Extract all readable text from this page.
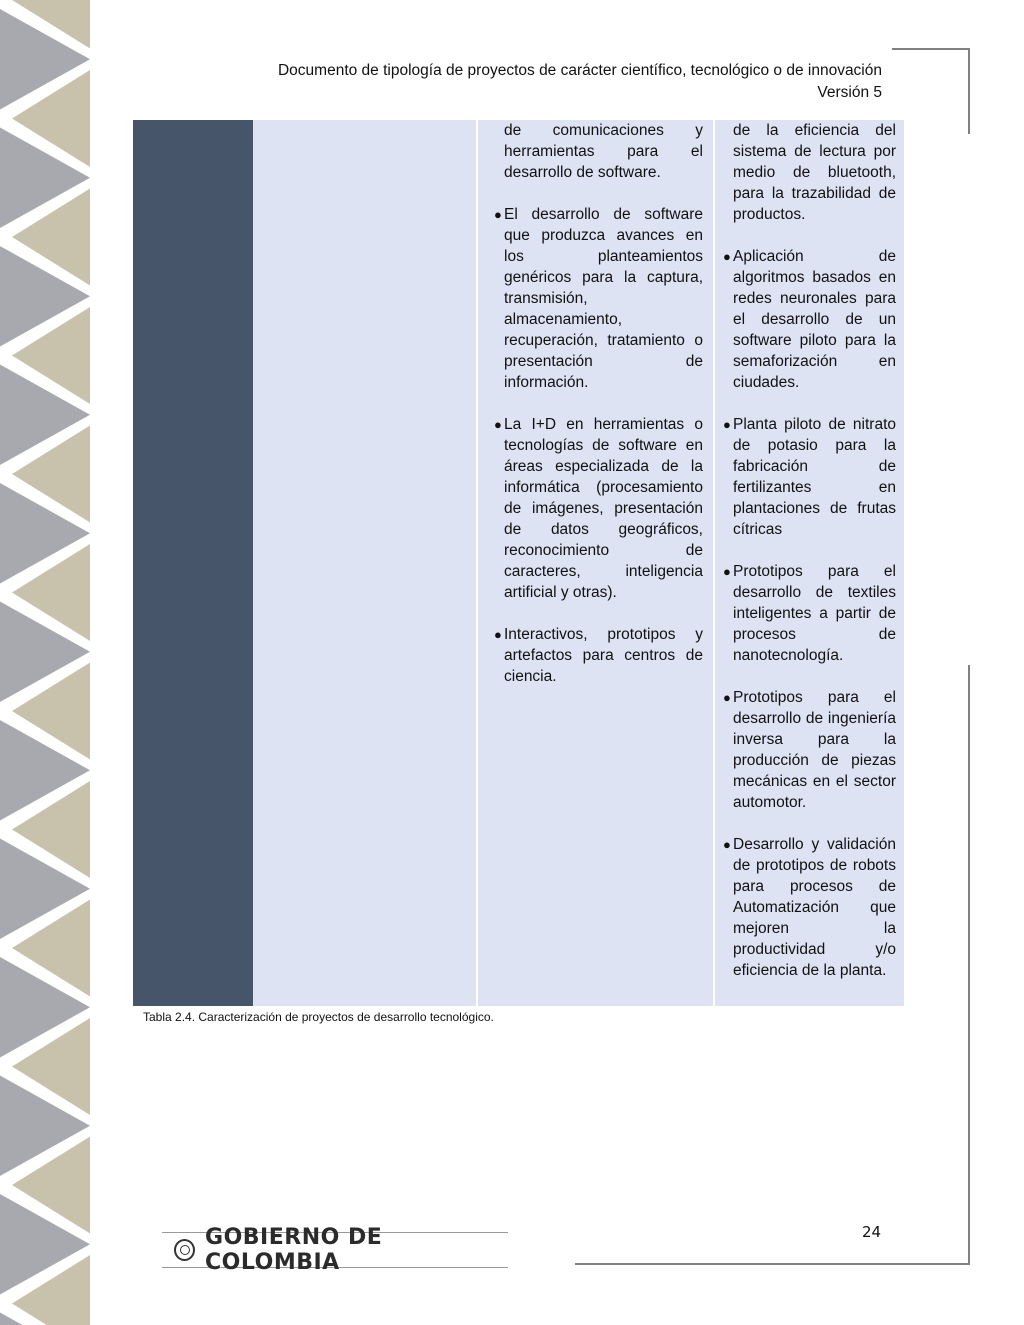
Documento de tipología de proyectos de carácter científico, tecnológico o de innovación
Versión 5
de comunicaciones y
herramientas para el
desarrollo de software.
● El desarrollo de software que produzca avances en los planteamientos genéricos para la captura, transmisión, almacenamiento, recuperación, tratamiento o presentación de información.
● La I+D en herramientas o tecnologías de software en áreas especializada de la informática (procesamiento de imágenes, presentación de datos geográficos, reconocimiento de caracteres, inteligencia artificial y otras).
● Interactivos, prototipos y artefactos para centros de ciencia.
de la eficiencia del
sistema de lectura por
medio de bluetooth,
para la trazabilidad de
productos.
● Aplicación de algoritmos basados en redes neuronales para el desarrollo de un software piloto para la semaforización en ciudades.
● Planta piloto de nitrato de potasio para la fabricación de fertilizantes en plantaciones de frutas cítricas
● Prototipos para el desarrollo de textiles inteligentes a partir de procesos de nanotecnología.
● Prototipos para el desarrollo de ingeniería inversa para la producción de piezas mecánicas en el sector automotor.
● Desarrollo y validación de prototipos de robots para procesos de Automatización que mejoren la productividad y/o eficiencia de la planta.
Tabla 2.4. Caracterización de proyectos de desarrollo tecnológico.
24
GOBIERNO DE COLOMBIA
